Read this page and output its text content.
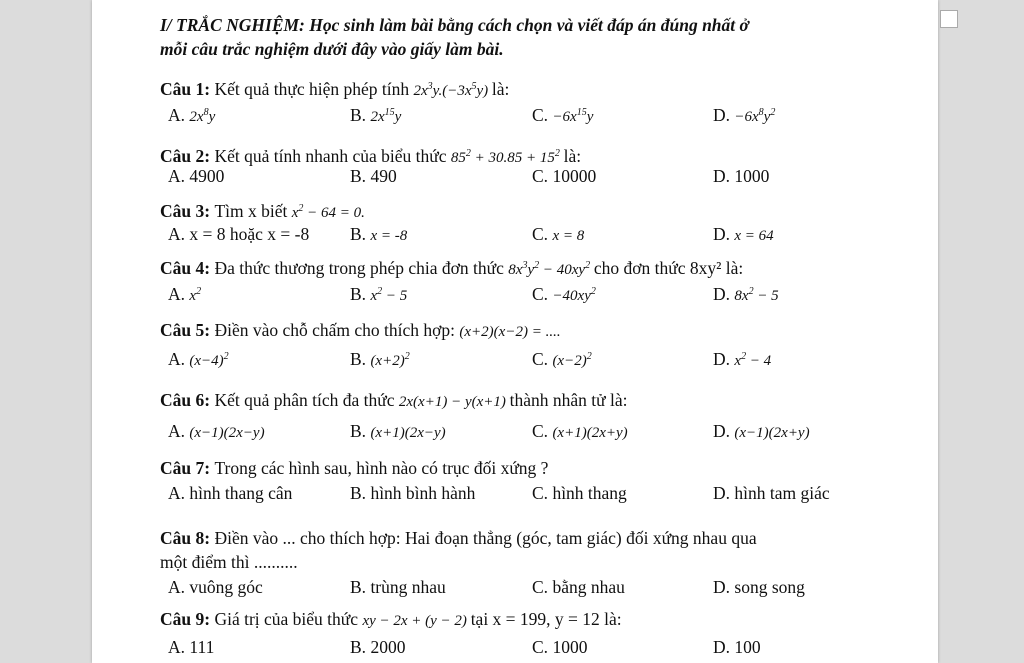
I/ TRẮC NGHIỆM: Học sinh làm bài bằng cách chọn và viết đáp án đúng nhất ở
mỗi câu trắc nghiệm dưới đây vào giấy làm bài.
Câu 1: Kết quả thực hiện phép tính $2x^3y.(-3x^5y)$ là:
A. $2x^8y$	B. $2x^{15}y$	C. $-6x^{15}y$	D. $-6x^8y^2$
Câu 2: Kết quả tính nhanh của biểu thức $85^2 + 30.85 + 15^2$ là:
A. 4900	B. 490	C. 10000	D. 1000
Câu 3: Tìm x biết $x^2 - 64 = 0$.
A. x = 8 hoặc x = -8 B. x = -8	C. x = 8	D. x = 64
Câu 4: Đa thức thương trong phép chia đơn thức $8x^3y^2 - 40xy^2$ cho đơn thức 8xy² là:
A. $x^2$	B. $x^2 - 5$	C. $-40xy^2$	D. $8x^2 - 5$
Câu 5: Điền vào chỗ chấm cho thích hợp: (x+2)(x−2) = ....
A. $(x-4)^2$	B. $(x+2)^2$	C. $(x-2)^2$	D. $x^2 - 4$
Câu 6: Kết quả phân tích đa thức 2x(x+1) − y(x+1) thành nhân tử là:
A. (x−1)(2x−y)	B. (x+1)(2x−y)	C. (x+1)(2x+y)	D. (x−1)(2x+y)
Câu 7: Trong các hình sau, hình nào có trục đối xứng ?
A. hình thang cân	B. hình bình hành	C. hình thang	D. hình tam giác
Câu 8: Điền vào ... cho thích hợp: Hai đoạn thẳng (góc, tam giác) đối xứng nhau qua
một điểm thì ..........
A. vuông góc	B. trùng nhau	C. bằng nhau	D. song song
Câu 9: Giá trị của biểu thức xy − 2x + (y − 2) tại x = 199, y = 12 là:
A. 111	B. 2000	C. 1000	D. 100
